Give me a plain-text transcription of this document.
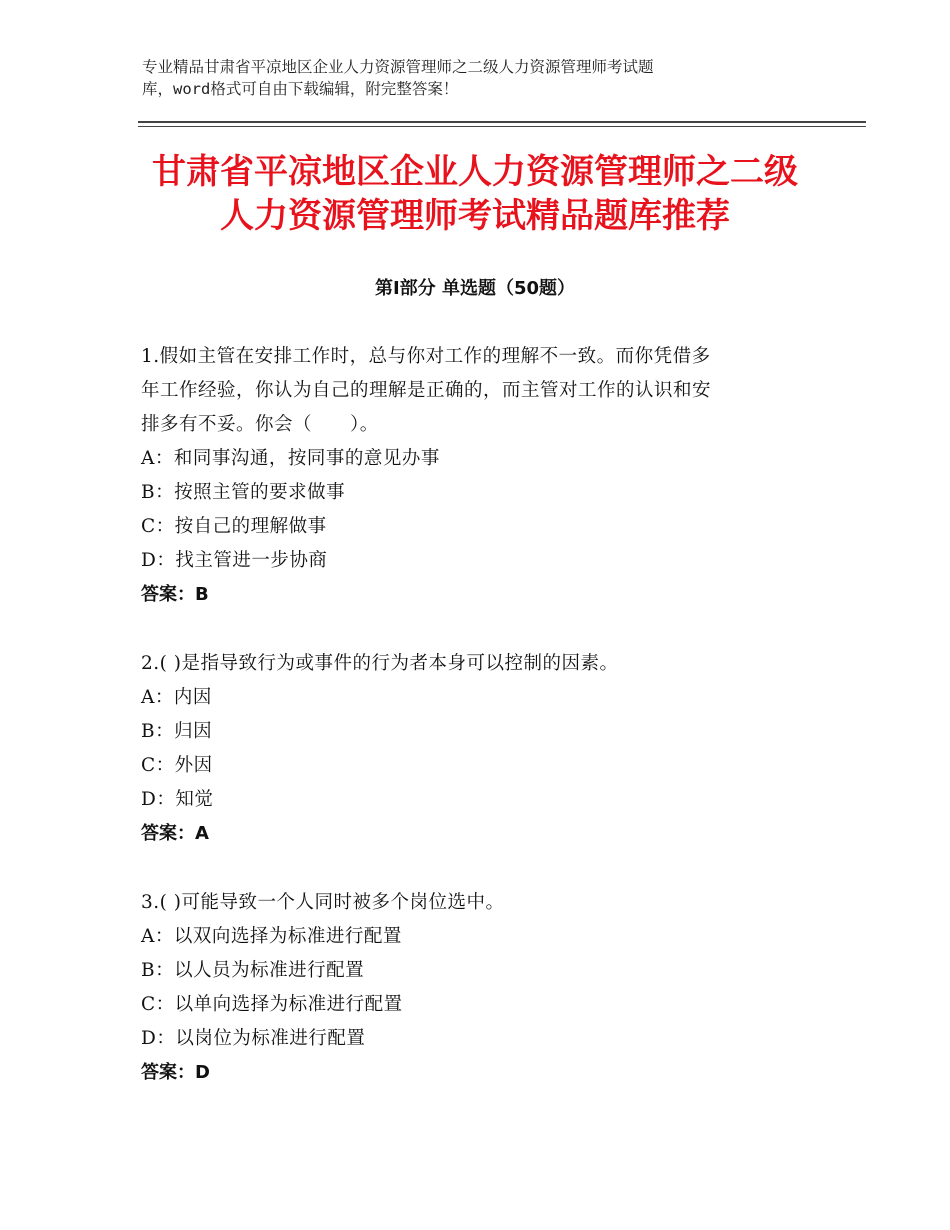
专业精品甘肃省平凉地区企业人力资源管理师之二级人力资源管理师考试题
库，word格式可自由下载编辑，附完整答案！
甘肃省平凉地区企业人力资源管理师之二级
人力资源管理师考试精品题库推荐
第Ⅰ部分 单选题（50题）
1.假如主管在安排工作时，总与你对工作的理解不一致。而你凭借多
年工作经验，你认为自己的理解是正确的，而主管对工作的认识和安
排多有不妥。你会（　　）。
A：和同事沟通，按同事的意见办事
B：按照主管的要求做事
C：按自己的理解做事
D：找主管进一步协商
答案：B
2.( )是指导致行为或事件的行为者本身可以控制的因素。
A：内因
B：归因
C：外因
D：知觉
答案：A
3.( )可能导致一个人同时被多个岗位选中。
A：以双向选择为标准进行配置
B：以人员为标准进行配置
C：以单向选择为标准进行配置
D：以岗位为标准进行配置
答案：D
